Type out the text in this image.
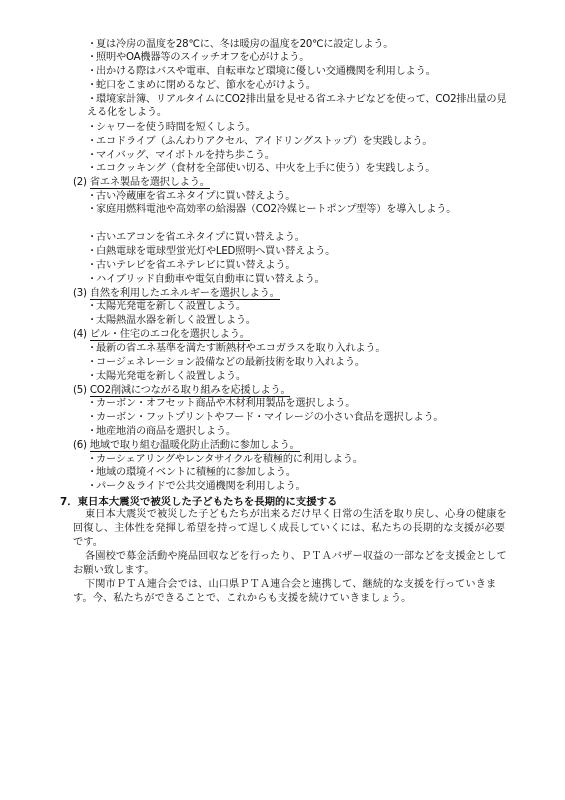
・夏は冷房の温度を28℃に、冬は暖房の温度を20℃に設定しよう。
・照明やOA機器等のスイッチオフを心がけよう。
・出かける際はバスや電車、自転車など環境に優しい交通機関を利用しよう。
・蛇口をこまめに閉めるなど、節水を心がけよう。
・環境家計簿、リアルタイムにCO2排出量を見せる省エネナビなどを使って、CO2排出量の見える化をしよう。
・シャワーを使う時間を短くしよう。
・エコドライブ（ふんわりアクセル、アイドリングストップ）を実践しよう。
・マイバッグ、マイボトルを持ち歩こう。
・エコクッキング（食材を全部使い切る、中火を上手に使う）を実践しよう。
(2) 省エネ製品を選択しよう。
・古い冷蔵庫を省エネタイプに買い替えよう。
・家庭用燃料電池や高効率の給湯器（CO2冷媒ヒートポンプ型等）を導入しよう。
・古いエアコンを省エネタイプに買い替えよう。
・白熱電球を電球型蛍光灯やLED照明へ買い替えよう。
・古いテレビを省エネテレビに買い替えよう。
・ハイブリッド自動車や電気自動車に買い替えよう。
(3) 自然を利用したエネルギーを選択しよう。
・太陽光発電を新しく設置しよう。
・太陽熱温水器を新しく設置しよう。
(4) ビル・住宅のエコ化を選択しよう。
・最新の省エネ基準を満たす断熱材やエコガラスを取り入れよう。
・コージェネレーション設備などの最新技術を取り入れよう。
・太陽光発電を新しく設置しよう。
(5) CO2削減につながる取り組みを応援しよう。
・カーボン・オフセット商品や木材利用製品を選択しよう。
・カーボン・フットプリントやフード・マイレージの小さい食品を選択しよう。
・地産地消の商品を選択しよう。
(6) 地域で取り組む温暖化防止活動に参加しよう。
・カーシェアリングやレンタサイクルを積極的に利用しよう。
・地域の環境イベントに積極的に参加しよう。
・パーク＆ライドで公共交通機関を利用しよう。
7．東日本大震災で被災した子どもたちを長期的に支援する
東日本大震災で被災した子どもたちが出来るだけ早く日常の生活を取り戻し、心身の健康を回復し、主体性を発揮し希望を持って逞しく成長していくには、私たちの長期的な支援が必要です。
各園校で募金活動や廃品回収などを行ったり、ＰＴＡバザー収益の一部などを支援金としてお願い致します。
下関市ＰＴＡ連合会では、山口県ＰＴＡ連合会と連携して、継続的な支援を行っていきます。今、私たちができることで、これからも支援を続けていきましょう。
